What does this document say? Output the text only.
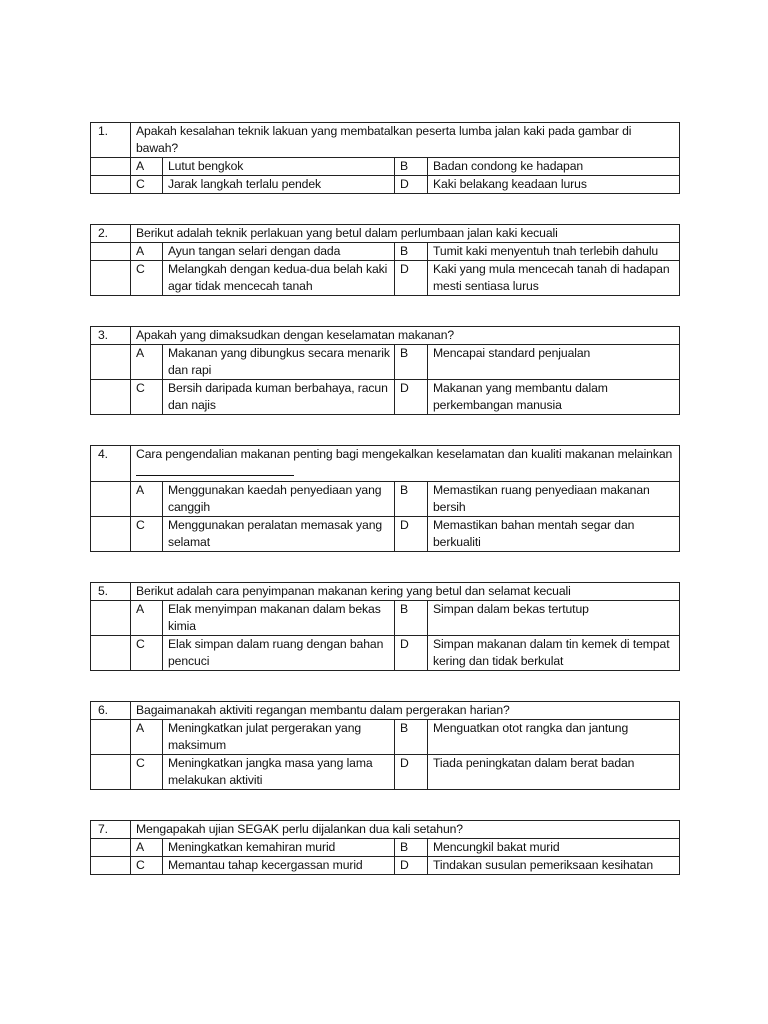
1.	Apakah kesalahan teknik lakuan yang membatalkan peserta lumba jalan kaki pada gambar di bawah?			
	A	Lutut bengkok	B	Badan condong ke hadapan
	C	Jarak langkah terlalu pendek	D	Kaki belakang keadaan lurus
2.	Berikut adalah teknik perlakuan yang betul dalam perlumbaan jalan kaki kecuali			
	A	Ayun tangan selari dengan dada	B	Tumit kaki menyentuh tnah terlebih dahulu
	C	Melangkah dengan kedua-dua belah kaki agar tidak mencecah tanah	D	Kaki yang mula mencecah tanah di hadapan mesti sentiasa lurus
3.	Apakah yang dimaksudkan dengan keselamatan makanan?			
	A	Makanan yang dibungkus secara menarik dan rapi	B	Mencapai standard penjualan
	C	Bersih daripada kuman berbahaya, racun dan najis	D	Makanan yang membantu dalam perkembangan manusia
4.	Cara pengendalian makanan penting bagi mengekalkan keselamatan dan kualiti makanan melainkan			
	A	Menggunakan kaedah penyediaan yang canggih	B	Memastikan ruang penyediaan makanan bersih
	C	Menggunakan peralatan memasak yang selamat	D	Memastikan bahan mentah segar dan berkualiti
5.	Berikut adalah cara penyimpanan makanan kering yang betul dan selamat kecuali			
	A	Elak menyimpan makanan dalam bekas kimia	B	Simpan dalam bekas tertutup
	C	Elak simpan dalam ruang dengan bahan pencuci	D	Simpan makanan dalam tin kemek di tempat kering dan tidak berkulat
6.	Bagaimanakah aktiviti regangan membantu dalam pergerakan harian?			
	A	Meningkatkan julat pergerakan yang maksimum	B	Menguatkan otot rangka dan jantung
	C	Meningkatkan jangka masa yang lama melakukan aktiviti	D	Tiada peningkatan dalam berat badan
7.	Mengapakah ujian SEGAK perlu dijalankan dua kali setahun?			
	A	Meningkatkan kemahiran murid	B	Mencungkil bakat murid
	C	Memantau tahap kecergassan murid	D	Tindakan susulan pemeriksaan kesihatan
